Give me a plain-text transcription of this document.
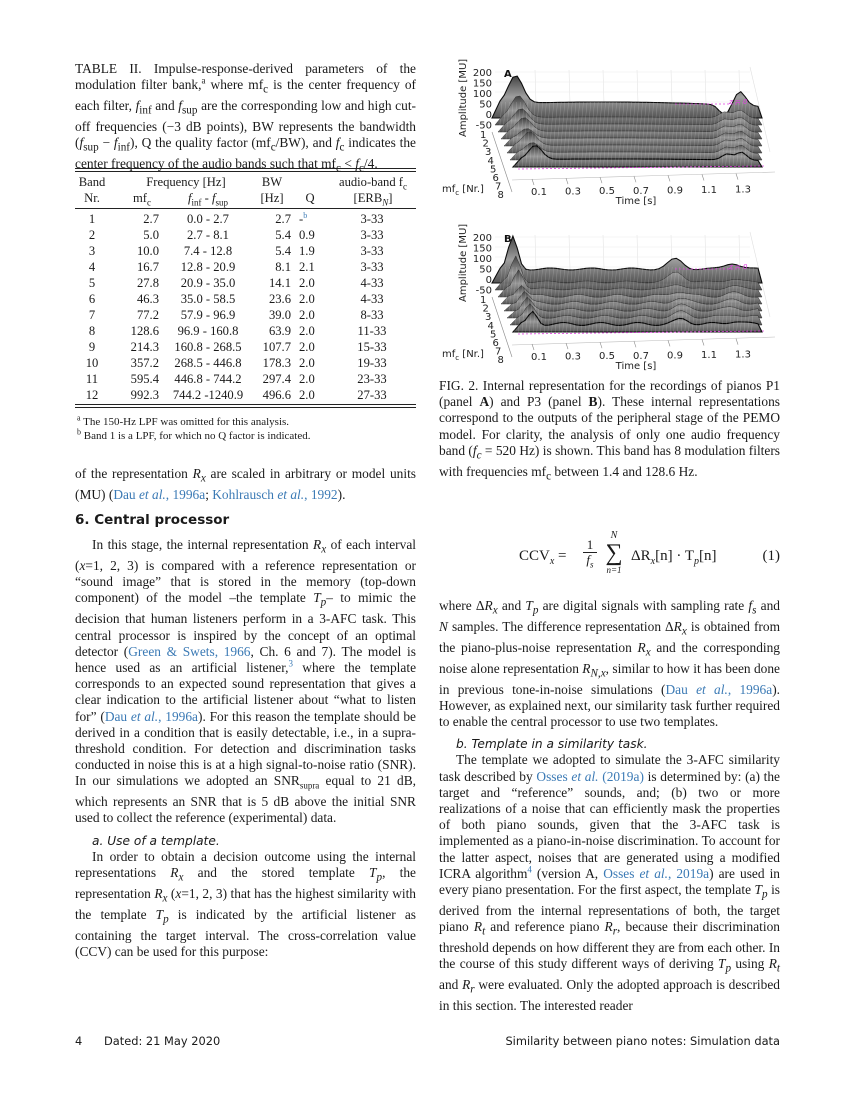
TABLE II. Impulse-response-derived parameters of the modulation filter bank,$^a$ where $mf_c$ is the center frequency of each filter, $f_{inf}$ and $f_{sup}$ are the corresponding low and high cut-off frequencies (−3 dB points), BW represents the bandwidth $(f_{sup} - f_{inf})$, Q the quality factor $(mf_c/BW)$, and $f_c$ indicates the center frequency of the audio bands such that $mf_c < f_c/4$.
Band	Frequency [Hz]	BW	audio-band $f_c$
Nr.	$mf_c$	$f_{inf} - f_{sup}$	[Hz]	Q	$[ERB_N]$
1	2.7	0.0 - 2.7	2.7 -$^b$	3-33
2	5.0	2.7 - 8.1	5.4 0.9	3-33
3	10.0	7.4 - 12.8	5.4 1.9	3-33
4	16.7	12.8 - 20.9	8.1 2.1	3-33
5	27.8	20.9 - 35.0	14.1 2.0	4-33
6	46.3	35.0 - 58.5	23.6 2.0	4-33
7	77.2	57.9 - 96.9	39.0 2.0	8-33
8	128.6	96.9 - 160.8	63.9 2.0	11-33
9	214.3	160.8 - 268.5	107.7 2.0	15-33
10	357.2	268.5 - 446.8	178.3 2.0	19-33
11	595.4	446.8 - 744.2	297.4 2.0	23-33
12	992.3	744.2 -1240.9	496.6 2.0	27-33
$^a$ The 150-Hz LPF was omitted for this analysis.
$^b$ Band 1 is a LPF, for which no Q factor is indicated.

of the representation $R_x$ are scaled in arbitrary or model units (MU) (Dau et al., 1996a; Kohlrausch et al., 1992).

6. Central processor

In this stage, the internal representation $R_x$ of each interval (x=1, 2, 3) is compared with a reference representation or “sound image” that is stored in the memory (top-down component) of the model –the template $T_p-$ to mimic the decision that human listeners perform in a 3-AFC task. This central processor is inspired by the concept of an optimal detector (Green & Swets, 1966, Ch. 6 and 7). The model is hence used as an artificial listener,$^3$ where the template corresponds to an expected sound representation that gives a clear indication to the artificial listener about “what to listen for” (Dau et al., 1996a). For this reason the template should be derived in a condition that is easily detectable, i.e., in a supra-threshold condition. For detection and discrimination tasks conducted in noise this is at a high signal-to-noise ratio (SNR). In our simulations we adopted an $SNR_{supra}$ equal to 21 dB, which represents an SNR that is 5 dB above the initial SNR used to collect the reference (experimental) data.

a. Use of a template.

In order to obtain a decision outcome using the internal representations $R_x$ and the stored template $T_p$, the representation $R_x$ (x=1, 2, 3) that has the highest similarity with the template $T_p$ is indicated by the artificial listener as containing the target interval. The cross-correlation value (CCV) can be used for this purpose:

200
150
100
50
0
-50
Amplitude [MU]	A
z = 0
1
2
3
4
5
6
7
8
$mf_c$ [Nr.]	0.1 0.3 0.5 0.7 0.9 1.1 1.3
Time [s]
200
150
100
50
0
-50
Amplitude [MU]	B
z = 0
1
2
3
4
5
6
7
8
$mf_c$ [Nr.]	0.1 0.3 0.5 0.7 0.9 1.1 1.3
Time [s]
FIG. 2. Internal representation for the recordings of pianos P1 (panel A) and P3 (panel B). These internal representations correspond to the outputs of the peripheral stage of the PEMO model. For clarity, the analysis of only one audio frequency band ($f_c = 520$ Hz) is shown. This band has 8 modulation filters with frequencies $mf_c$ between 1.4 and 128.6 Hz.
$CCV_x$ =
1
$f_s$
N
∑
n=1
$\Delta R_x[n] \cdot T_p[n]$	(1)

where $\Delta R_x$ and $T_p$ are digital signals with sampling rate $f_s$ and N samples. The difference representation $\Delta R_x$ is obtained from the piano-plus-noise representation $R_x$ and the corresponding noise alone representation $R_{N,x}$, similar to how it has been done in previous tone-in-noise simulations (Dau et al., 1996a). However, as explained next, our similarity task further required to enable the central processor to use two templates.

b. Template in a similarity task.

The template we adopted to simulate the 3-AFC similarity task described by Osses et al. (2019a) is determined by: (a) the target and “reference” sounds, and; (b) two or more realizations of a noise that can efficiently mask the properties of both piano sounds, given that the 3-AFC task is implemented as a piano-in-noise discrimination. To account for the latter aspect, noises that are generated using a modified ICRA algorithm$^4$ (version A, Osses et al., 2019a) are used in every piano presentation. For the first aspect, the template $T_p$ is derived from the internal representations of both, the target piano $R_t$ and reference piano $R_r$, because their discrimination threshold depends on how different they are from each other. In the course of this study different ways of deriving $T_p$ using $R_t$ and $R_r$ were evaluated. Only the adopted approach is described in this section. The interested reader

4 Dated: 21 May 2020	Similarity between piano notes: Simulation data
